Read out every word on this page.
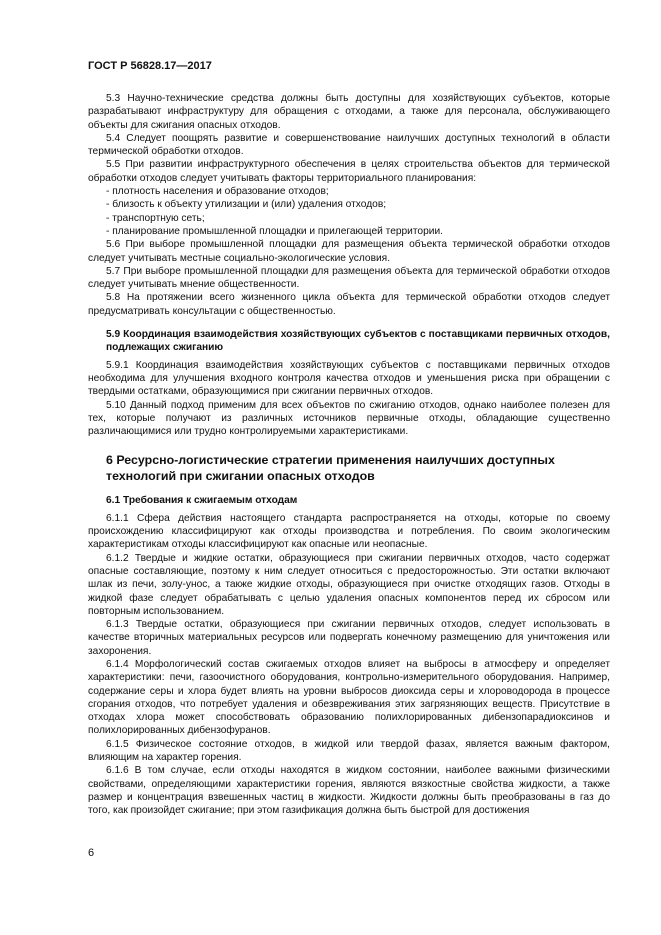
ГОСТ Р 56828.17—2017

5.3 Научно-технические средства должны быть доступны для хозяйствующих субъектов, которые разрабатывают инфраструктуру для обращения с отходами, а также для персонала, обслуживающего объекты для сжигания опасных отходов.

5.4 Следует поощрять развитие и совершенствование наилучших доступных технологий в области термической обработки отходов.

5.5 При развитии инфраструктурного обеспечения в целях строительства объектов для термической обработки отходов следует учитывать факторы территориального планирования:

- плотность населения и образование отходов;

- близость к объекту утилизации и (или) удаления отходов;

- транспортную сеть;

- планирование промышленной площадки и прилегающей территории.

5.6 При выборе промышленной площадки для размещения объекта термической обработки отходов следует учитывать местные социально-экологические условия.

5.7 При выборе промышленной площадки для размещения объекта для термической обработки отходов следует учитывать мнение общественности.

5.8 На протяжении всего жизненного цикла объекта для термической обработки отходов следует предусматривать консультации с общественностью.

5.9 Координация взаимодействия хозяйствующих субъектов с поставщиками первичных отходов, подлежащих сжиганию

5.9.1 Координация взаимодействия хозяйствующих субъектов с поставщиками первичных отходов необходима для улучшения входного контроля качества отходов и уменьшения риска при обращении с твердыми остатками, образующимися при сжигании первичных отходов.

5.10 Данный подход применим для всех объектов по сжиганию отходов, однако наиболее полезен для тех, которые получают из различных источников первичные отходы, обладающие существенно различающимися или трудно контролируемыми характеристиками.

6 Ресурсно-логистические стратегии применения наилучших доступных технологий при сжигании опасных отходов

6.1 Требования к сжигаемым отходам

6.1.1 Сфера действия настоящего стандарта распространяется на отходы, которые по своему происхождению классифицируют как отходы производства и потребления. По своим экологическим характеристикам отходы классифицируют как опасные или неопасные.

6.1.2 Твердые и жидкие остатки, образующиеся при сжигании первичных отходов, часто содержат опасные составляющие, поэтому к ним следует относиться с предосторожностью. Эти остатки включают шлак из печи, золу-унос, а также жидкие отходы, образующиеся при очистке отходящих газов. Отходы в жидкой фазе следует обрабатывать с целью удаления опасных компонентов перед их сбросом или повторным использованием.

6.1.3 Твердые остатки, образующиеся при сжигании первичных отходов, следует использовать в качестве вторичных материальных ресурсов или подвергать конечному размещению для уничтожения или захоронения.

6.1.4 Морфологический состав сжигаемых отходов влияет на выбросы в атмосферу и определяет характеристики: печи, газоочистного оборудования, контрольно-измерительного оборудования. Например, содержание серы и хлора будет влиять на уровни выбросов диоксида серы и хлороводорода в процессе сгорания отходов, что потребует удаления и обезвреживания этих загрязняющих веществ. Присутствие в отходах хлора может способствовать образованию полихлорированных дибензопарадиоксинов и полихлорированных дибензофуранов.

6.1.5 Физическое состояние отходов, в жидкой или твердой фазах, является важным фактором, влияющим на характер горения.

6.1.6 В том случае, если отходы находятся в жидком состоянии, наиболее важными физическими свойствами, определяющими характеристики горения, являются вязкостные свойства жидкости, а также размер и концентрация взвешенных частиц в жидкости. Жидкости должны быть преобразованы в газ до того, как произойдет сжигание; при этом газификация должна быть быстрой для достижения

6
